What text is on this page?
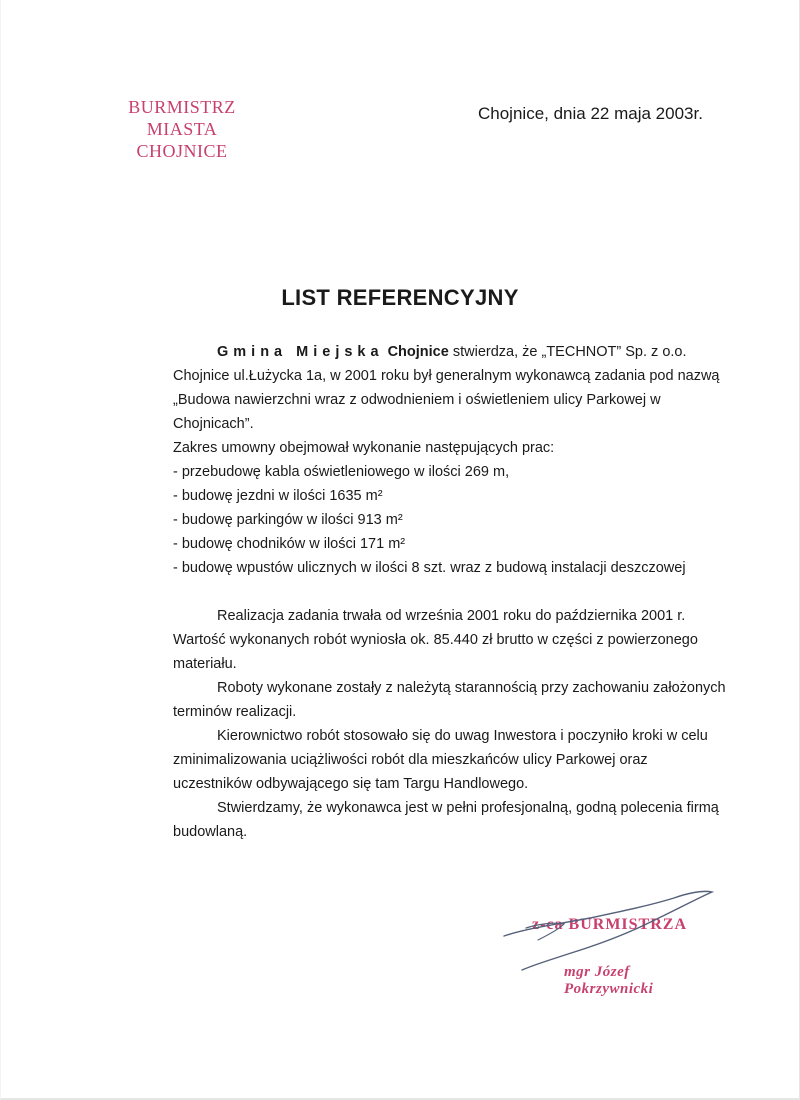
BURMISTRZ MIASTA
CHOJNICE
Chojnice, dnia 22 maja 2003r.
LIST REFERENCYJNY

Gmina Miejska Chojnice stwierdza, że „TECHNOT” Sp. z o.o. Chojnice ul.Łużycka 1a, w 2001 roku był generalnym wykonawcą zadania pod nazwą „Budowa nawierzchni wraz z odwodnieniem i oświetleniem ulicy Parkowej w Chojnicach”.

Zakres umowny obejmował wykonanie następujących prac:

- przebudowę kabla oświetleniowego w ilości 269 m,

- budowę jezdni w ilości 1635 m²

- budowę parkingów w ilości 913 m²

- budowę chodników w ilości 171 m²

- budowę wpustów ulicznych w ilości 8 szt. wraz z budową instalacji deszczowej

Realizacja zadania trwała od września 2001 roku do października 2001 r. Wartość wykonanych robót wyniosła ok. 85.440 zł brutto w części z powierzonego materiału.

Roboty wykonane zostały z należytą starannością przy zachowaniu założonych terminów realizacji.

Kierownictwo robót stosowało się do uwag Inwestora i poczyniło kroki w celu zminimalizowania uciążliwości robót dla mieszkańców ulicy Parkowej oraz uczestników odbywającego się tam Targu Handlowego.

Stwierdzamy, że wykonawca jest w pełni profesjonalną, godną polecenia firmą budowlaną.

z-ca BURMISTRZA
mgr Józef Pokrzywnicki
